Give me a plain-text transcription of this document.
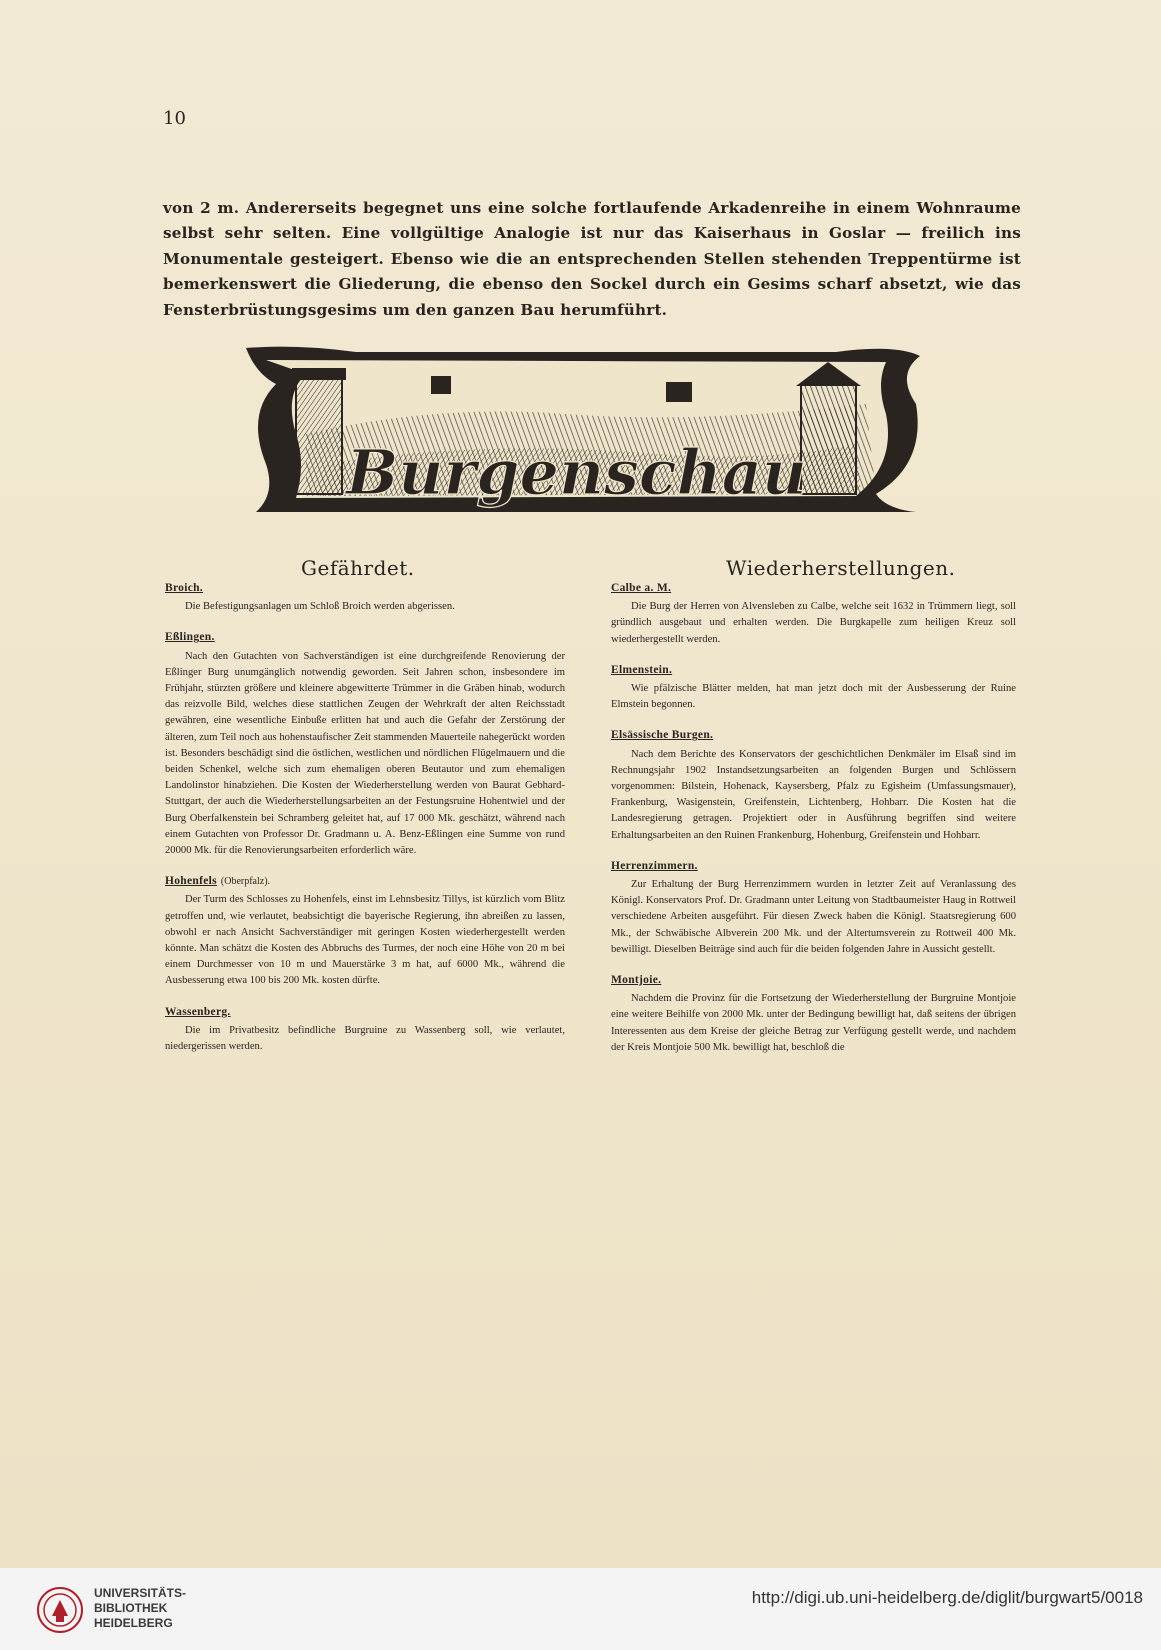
10

von 2 m. Andererseits begegnet uns eine solche fortlaufende Arkadenreihe in einem Wohnraume selbst sehr selten. Eine vollgültige Analogie ist nur das Kaiserhaus in Goslar — freilich ins Monumentale gesteigert. Ebenso wie die an entsprechenden Stellen stehenden Treppentürme ist bemerkenswert die Gliederung, die ebenso den Sockel durch ein Gesims scharf absetzt, wie das Fensterbrüstungsgesims um den ganzen Bau herumführt.

Burgenschau
Gefährdet.	Wiederherstellungen.
Broich.

Die Befestigungsanlagen um Schloß Broich werden abgerissen.

Eßlingen.

Nach den Gutachten von Sachverständigen ist eine durchgreifende Renovierung der Eßlinger Burg unumgänglich notwendig geworden. Seit Jahren schon, insbesondere im Frühjahr, stürzten größere und kleinere abgewitterte Trümmer in die Gräben hinab, wodurch das reizvolle Bild, welches diese stattlichen Zeugen der Wehrkraft der alten Reichsstadt gewähren, eine wesentliche Einbuße erlitten hat und auch die Gefahr der Zerstörung der älteren, zum Teil noch aus hohenstaufischer Zeit stammenden Mauerteile nahegerückt worden ist. Besonders beschädigt sind die östlichen, westlichen und nördlichen Flügelmauern und die beiden Schenkel, welche sich zum ehemaligen oberen Beutautor und zum ehemaligen Landolinstor hinabziehen. Die Kosten der Wiederherstellung werden von Baurat Gebhard-Stuttgart, der auch die Wiederherstellungsarbeiten an der Festungsruine Hohentwiel und der Burg Oberfalkenstein bei Schramberg geleitet hat, auf 17 000 Mk. geschätzt, während nach einem Gutachten von Professor Dr. Gradmann u. A. Benz-Eßlingen eine Summe von rund 20000 Mk. für die Renovierungsarbeiten erforderlich wäre.

Hohenfels (Oberpfalz).

Der Turm des Schlosses zu Hohenfels, einst im Lehnsbesitz Tillys, ist kürzlich vom Blitz getroffen und, wie verlautet, beabsichtigt die bayerische Regierung, ihn abreißen zu lassen, obwohl er nach Ansicht Sachverständiger mit geringen Kosten wiederhergestellt werden könnte. Man schätzt die Kosten des Abbruchs des Turmes, der noch eine Höhe von 20 m bei einem Durchmesser von 10 m und Mauerstärke 3 m hat, auf 6000 Mk., während die Ausbesserung etwa 100 bis 200 Mk. kosten dürfte.

Wassenberg.

Die im Privatbesitz befindliche Burgruine zu Wassenberg soll, wie verlautet, niedergerissen werden.

Calbe a. M.

Die Burg der Herren von Alvensleben zu Calbe, welche seit 1632 in Trümmern liegt, soll gründlich ausgebaut und erhalten werden. Die Burgkapelle zum heiligen Kreuz soll wiederhergestellt werden.

Elmenstein.

Wie pfälzische Blätter melden, hat man jetzt doch mit der Ausbesserung der Ruine Elmstein begonnen.

Elsässische Burgen.

Nach dem Berichte des Konservators der geschichtlichen Denkmäler im Elsaß sind im Rechnungsjahr 1902 Instandsetzungsarbeiten an folgenden Burgen und Schlössern vorgenommen: Bilstein, Hohenack, Kaysersberg, Pfalz zu Egisheim (Umfassungsmauer), Frankenburg, Wasigenstein, Greifenstein, Lichtenberg, Hohbarr. Die Kosten hat die Landesregierung getragen. Projektiert oder in Ausführung begriffen sind weitere Erhaltungsarbeiten an den Ruinen Frankenburg, Hohenburg, Greifenstein und Hohbarr.

Herrenzimmern.

Zur Erhaltung der Burg Herrenzimmern wurden in letzter Zeit auf Veranlassung des Königl. Konservators Prof. Dr. Gradmann unter Leitung von Stadtbaumeister Haug in Rottweil verschiedene Arbeiten ausgeführt. Für diesen Zweck haben die Königl. Staatsregierung 600 Mk., der Schwäbische Albverein 200 Mk. und der Altertumsverein zu Rottweil 400 Mk. bewilligt. Dieselben Beiträge sind auch für die beiden folgenden Jahre in Aussicht gestellt.

Montjoie.

Nachdem die Provinz für die Fortsetzung der Wiederherstellung der Burgruine Montjoie eine weitere Beihilfe von 2000 Mk. unter der Bedingung bewilligt hat, daß seitens der übrigen Interessenten aus dem Kreise der gleiche Betrag zur Verfügung gestellt werde, und nachdem der Kreis Montjoie 500 Mk. bewilligt hat, beschloß die

UNIVERSITÄTS-
BIBLIOTHEK
HEIDELBERG
http://digi.ub.uni-heidelberg.de/diglit/burgwart5/0018
